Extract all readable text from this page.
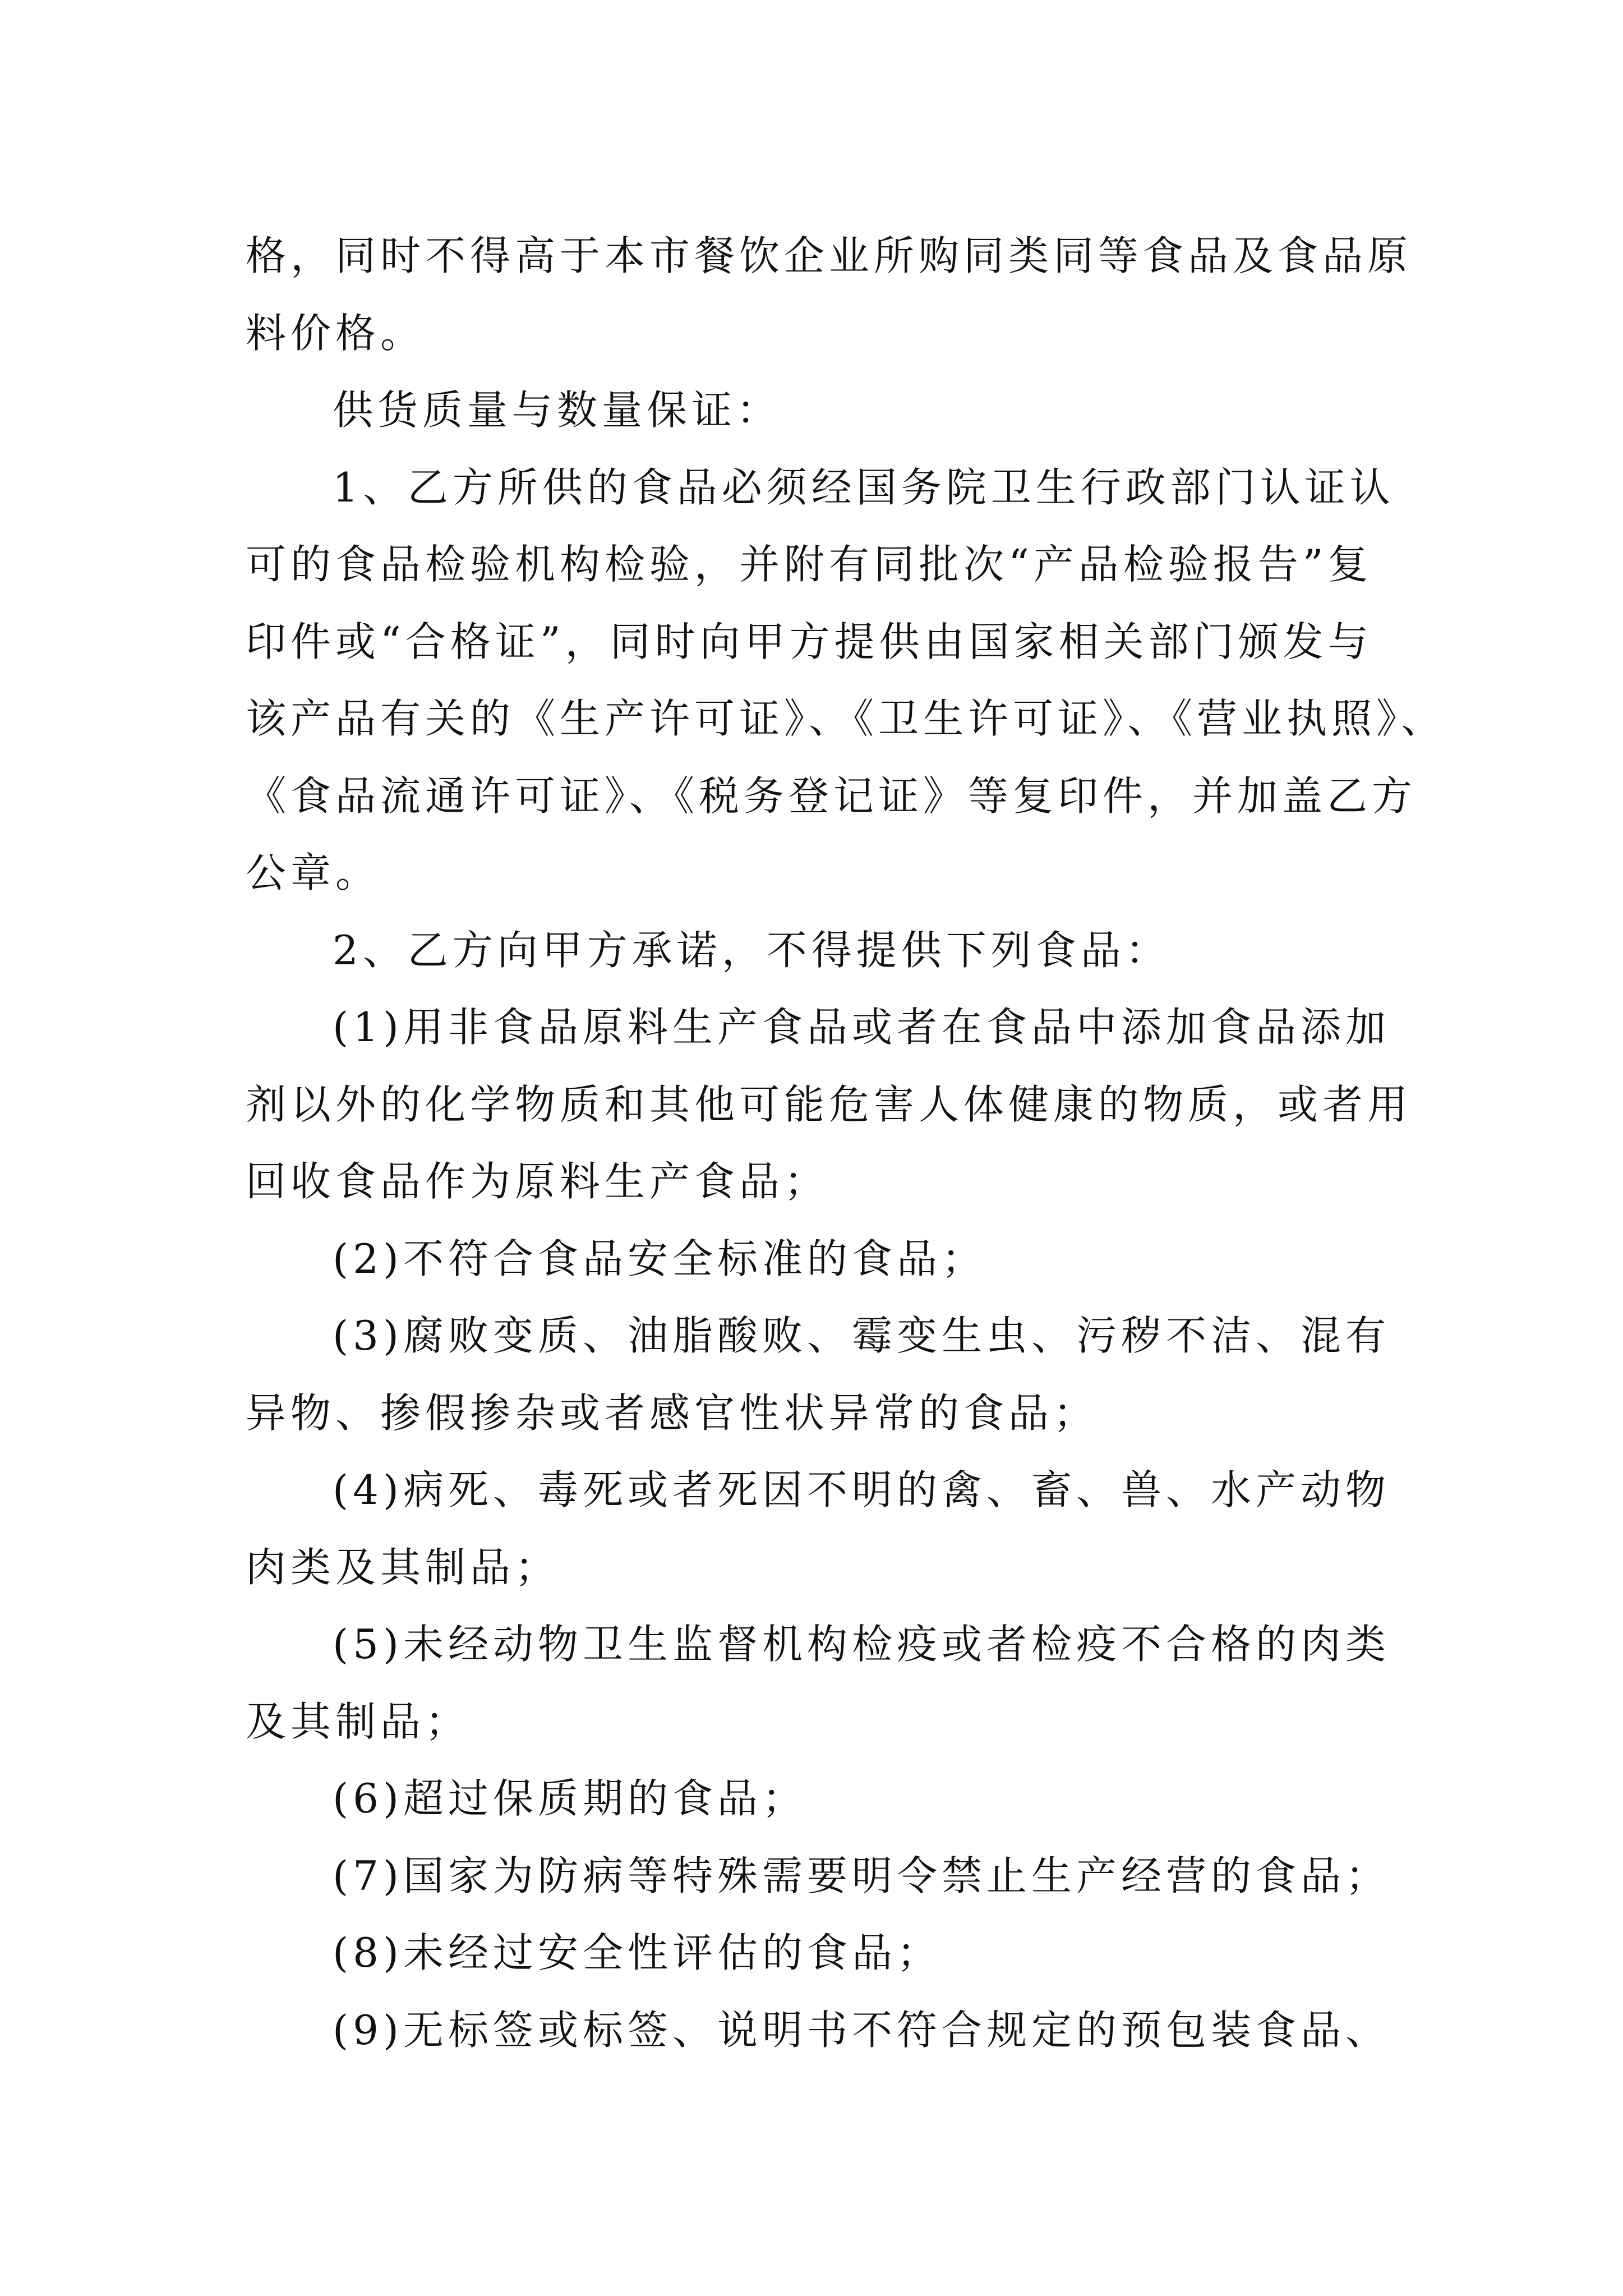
格，同时不得高于本市餐饮企业所购同类同等食品及食品原
料价格。
供货质量与数量保证：
1、乙方所供的食品必须经国务院卫生行政部门认证认
可的食品检验机构检验，并附有同批次“产品检验报告”复
印件或“合格证”，同时向甲方提供由国家相关部门颁发与
该产品有关的《生产许可证》、《卫生许可证》、《营业执照》、
《食品流通许可证》、《税务登记证》等复印件，并加盖乙方
公章。
2、乙方向甲方承诺，不得提供下列食品：
(1)用非食品原料生产食品或者在食品中添加食品添加
剂以外的化学物质和其他可能危害人体健康的物质，或者用
回收食品作为原料生产食品；
(2)不符合食品安全标准的食品；
(3)腐败变质、油脂酸败、霉变生虫、污秽不洁、混有
异物、掺假掺杂或者感官性状异常的食品；
(4)病死、毒死或者死因不明的禽、畜、兽、水产动物
肉类及其制品；
(5)未经动物卫生监督机构检疫或者检疫不合格的肉类
及其制品；
(6)超过保质期的食品；
(7)国家为防病等特殊需要明令禁止生产经营的食品；
(8)未经过安全性评估的食品；
(9)无标签或标签、说明书不符合规定的预包装食品、
